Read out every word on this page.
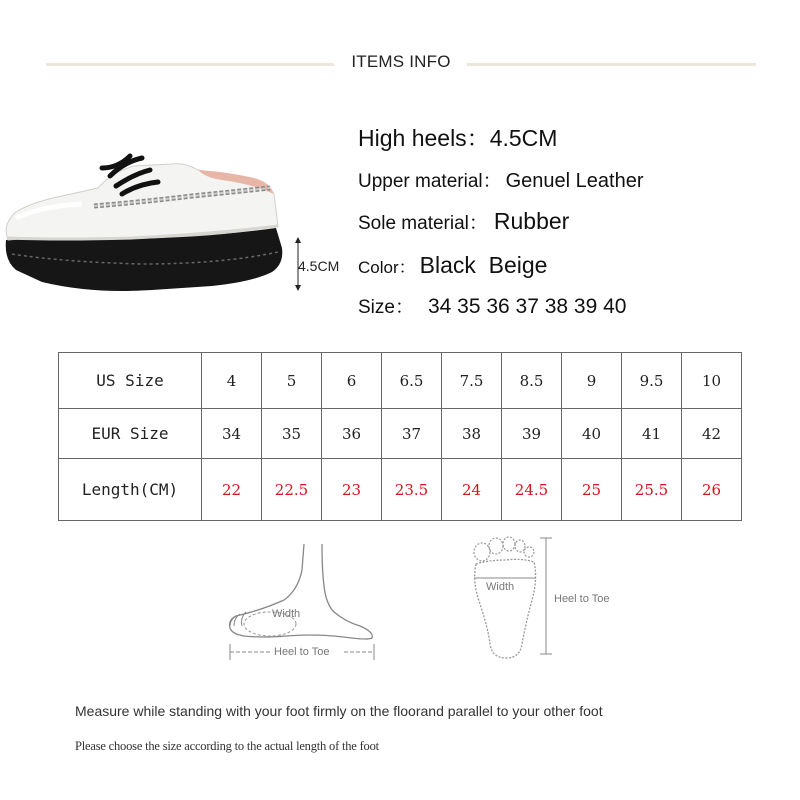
ITEMS INFO
4.5CM
High heels：4.5CM
Upper material： Genuel Leather
Sole material： Rubber
Color： Black  Beige
Size： 34 35 36 37 38 39 40
US Size	4	5	6	6.5	7.5	8.5	9	9.5	10
EUR Size	34	35	36	37	38	39	40	41	42
Length(CM)	22	22.5	23	23.5	24	24.5	25	25.5	26
Width
Heel to Toe
Width
Heel to Toe
Measure while standing with your foot firmly on the floorand parallel to your other foot
Please choose the size according to the actual length of the foot
